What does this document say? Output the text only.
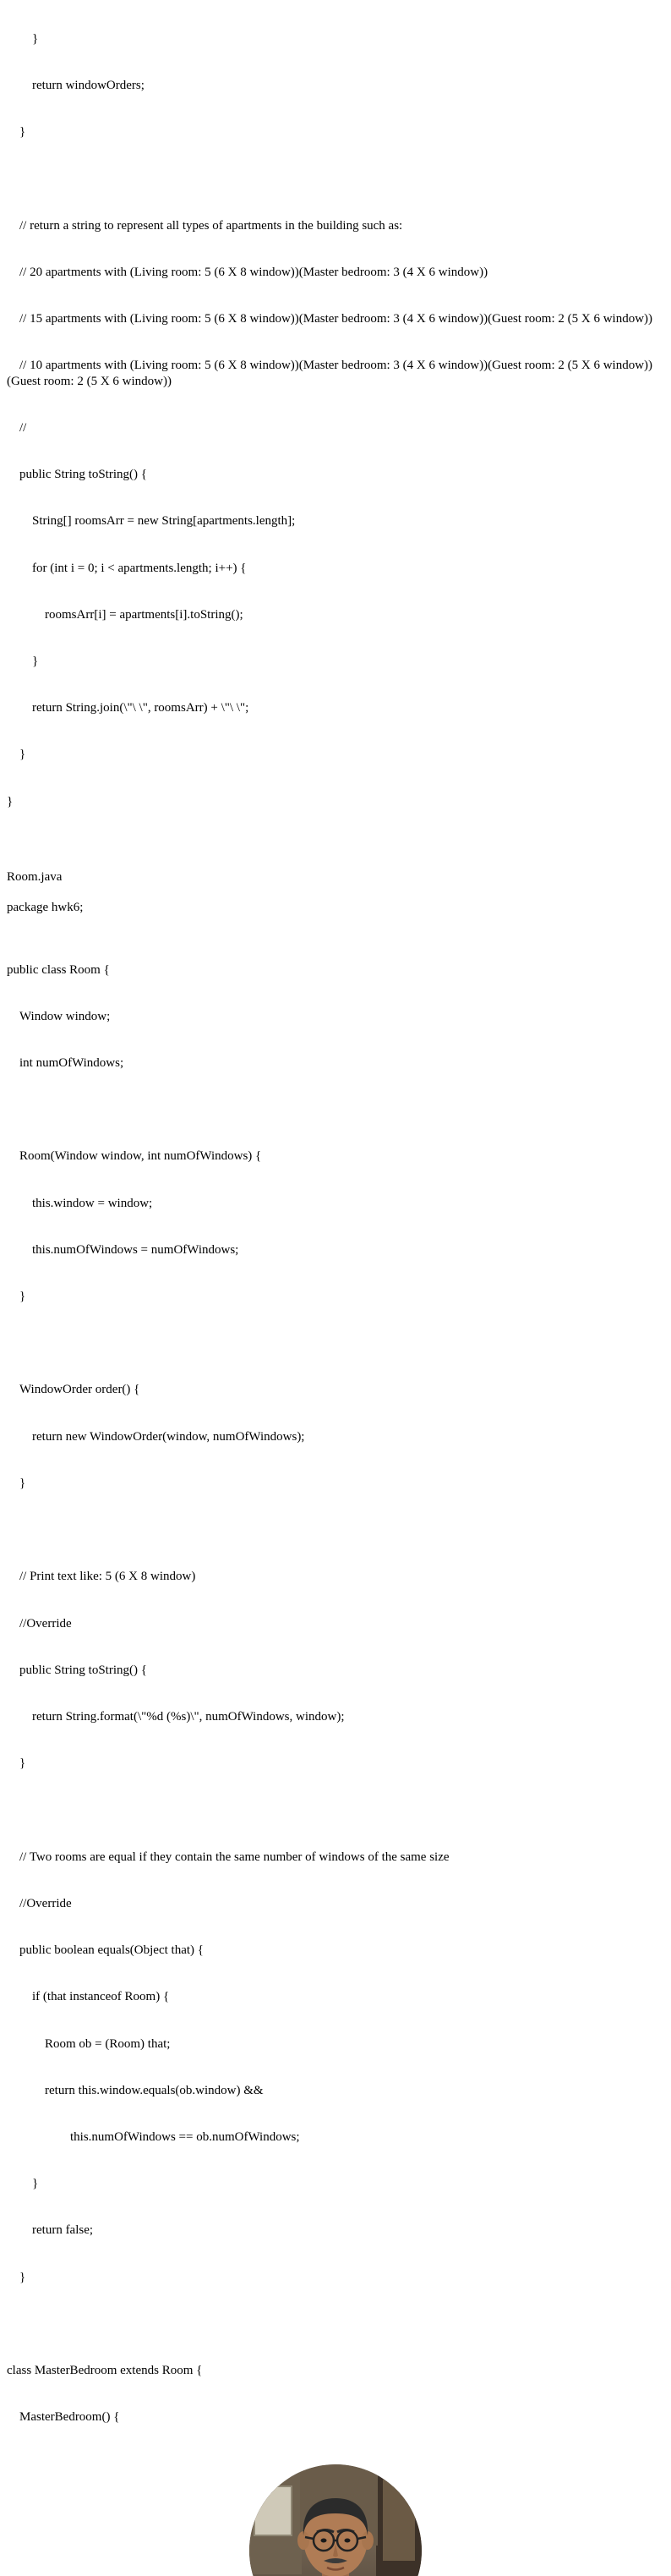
}

return windowOrders;

}

// return a string to represent all types of apartments in the building such as:

// 20 apartments with (Living room: 5 (6 X 8 window))(Master bedroom: 3 (4 X 6 window))

// 15 apartments with (Living room: 5 (6 X 8 window))(Master bedroom: 3 (4 X 6 window))(Guest room: 2 (5 X 6 window))

// 10 apartments with (Living room: 5 (6 X 8 window))(Master bedroom: 3 (4 X 6 window))(Guest room: 2 (5 X 6 window))(Guest room: 2 (5 X 6 window))

//

public String toString() {

String[] roomsArr = new String[apartments.length];

for (int i = 0; i < apartments.length; i++) {

roomsArr[i] = apartments[i].toString();

}

return String.join(\"\ \", roomsArr) + \"\ \";

}

}

Room.java

package hwk6;

public class Room {

Window window;

int numOfWindows;

Room(Window window, int numOfWindows) {

this.window = window;

this.numOfWindows = numOfWindows;

}

WindowOrder order() {

return new WindowOrder(window, numOfWindows);

}

// Print text like: 5 (6 X 8 window)

//Override

public String toString() {

return String.format(\"%d (%s)\", numOfWindows, window);

}

// Two rooms are equal if they contain the same number of windows of the same size

//Override

public boolean equals(Object that) {

if (that instanceof Room) {

Room ob = (Room) that;

return this.window.equals(ob.window) &&

this.numOfWindows == ob.numOfWindows;

}

return false;

}

class MasterBedroom extends Room {

MasterBedroom() {
